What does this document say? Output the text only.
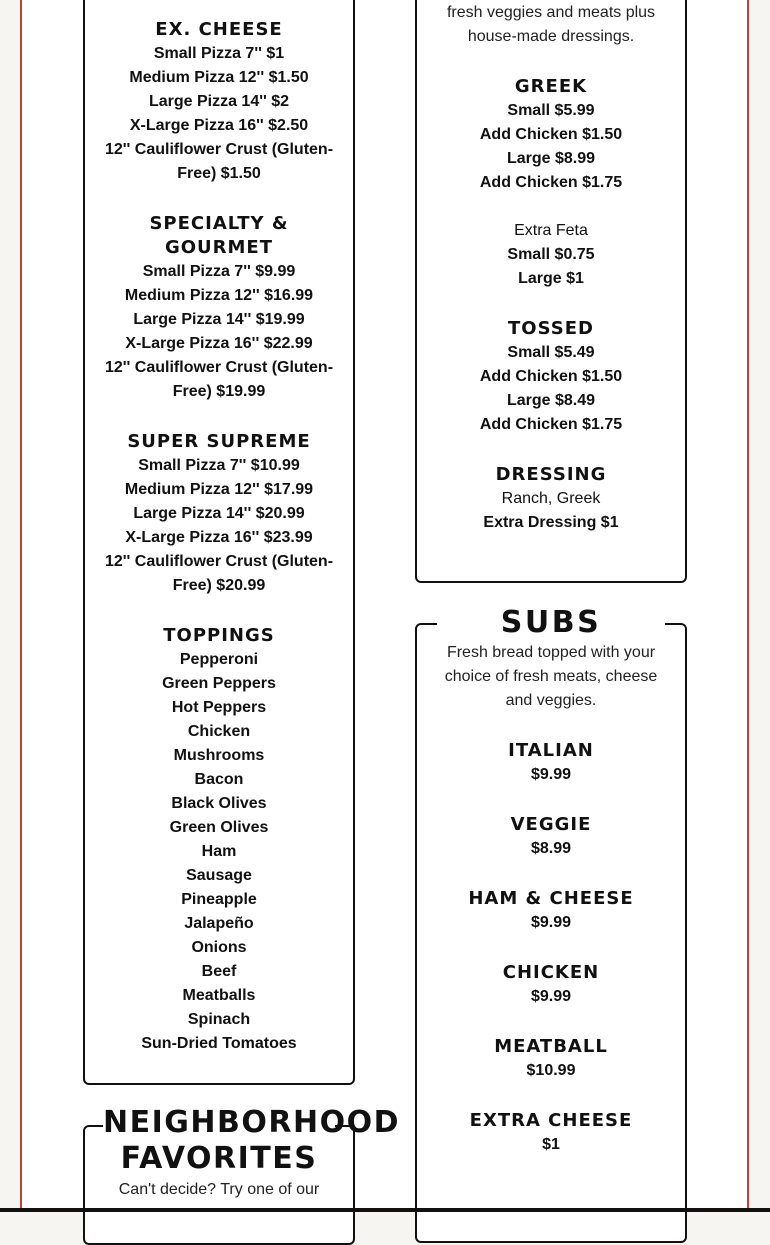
EX. CHEESE

Small Pizza 7'' $1

Medium Pizza 12'' $1.50

Large Pizza 14'' $2

X-Large Pizza 16'' $2.50

12'' Cauliflower Crust (Gluten-

Free) $1.50

SPECIALTY & GOURMET

Small Pizza 7'' $9.99

Medium Pizza 12'' $16.99

Large Pizza 14'' $19.99

X-Large Pizza 16'' $22.99

12'' Cauliflower Crust (Gluten-

Free) $19.99

SUPER SUPREME

Small Pizza 7'' $10.99

Medium Pizza 12'' $17.99

Large Pizza 14'' $20.99

X-Large Pizza 16'' $23.99

12'' Cauliflower Crust (Gluten-

Free) $20.99

TOPPINGS

Pepperoni

Green Peppers

Hot Peppers

Chicken

Mushrooms

Bacon

Black Olives

Green Olives

Ham

Sausage

Pineapple

Jalapeño

Onions

Beef

Meatballs

Spinach

Sun-Dried Tomatoes

NEIGHBORHOOD
FAVORITES

Can't decide? Try one of our

fresh veggies and meats plus

house-made dressings.

GREEK

Small $5.99

Add Chicken $1.50

Large $8.99

Add Chicken $1.75

Extra Feta

Small $0.75

Large $1

TOSSED

Small $5.49

Add Chicken $1.50

Large $8.49

Add Chicken $1.75

DRESSING

Ranch, Greek

Extra Dressing $1

SUBS

Fresh bread topped with your

choice of fresh meats, cheese

and veggies.

ITALIAN

$9.99

VEGGIE

$8.99

HAM & CHEESE

$9.99

CHICKEN

$9.99

MEATBALL

$10.99

EXTRA CHEESE

$1
